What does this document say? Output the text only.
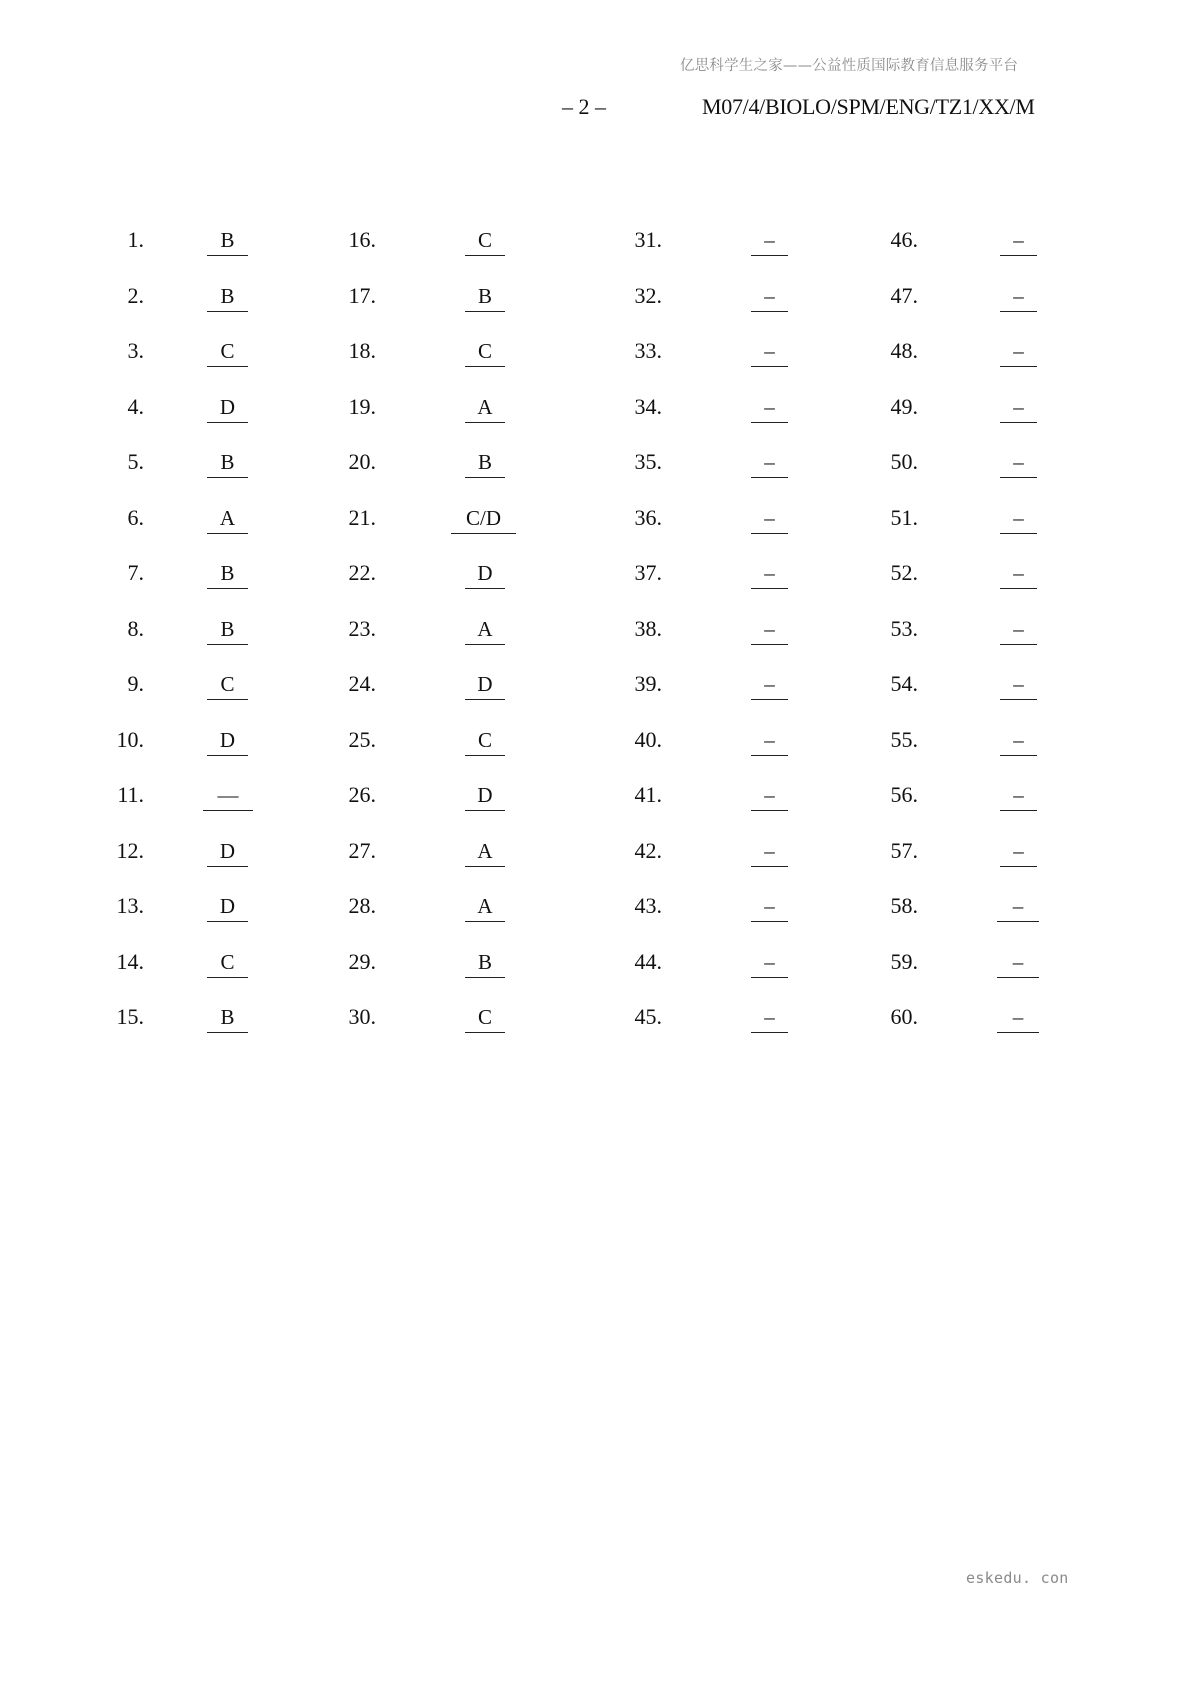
亿思科学生之家——公益性质国际教育信息服务平台
– 2 –	M07/4/BIOLO/SPM/ENG/TZ1/XX/M
1.	B	16.	C	31.	–	46.	–
2.	B	17.	B	32.	–	47.	–
3.	C	18.	C	33.	–	48.	–
4.	D	19.	A	34.	–	49.	–
5.	B	20.	B	35.	–	50.	–
6.	A	21.	C/D	36.	–	51.	–
7.	B	22.	D	37.	–	52.	–
8.	B	23.	A	38.	–	53.	–
9.	C	24.	D	39.	–	54.	–
10.	D	25.	C	40.	–	55.	–
11.	—	26.	D	41.	–	56.	–
12.	D	27.	A	42.	–	57.	–
13.	D	28.	A	43.	–	58.	–
14.	C	29.	B	44.	–	59.	–
15.	B	30.	C	45.	–	60.	–
eskedu. con
